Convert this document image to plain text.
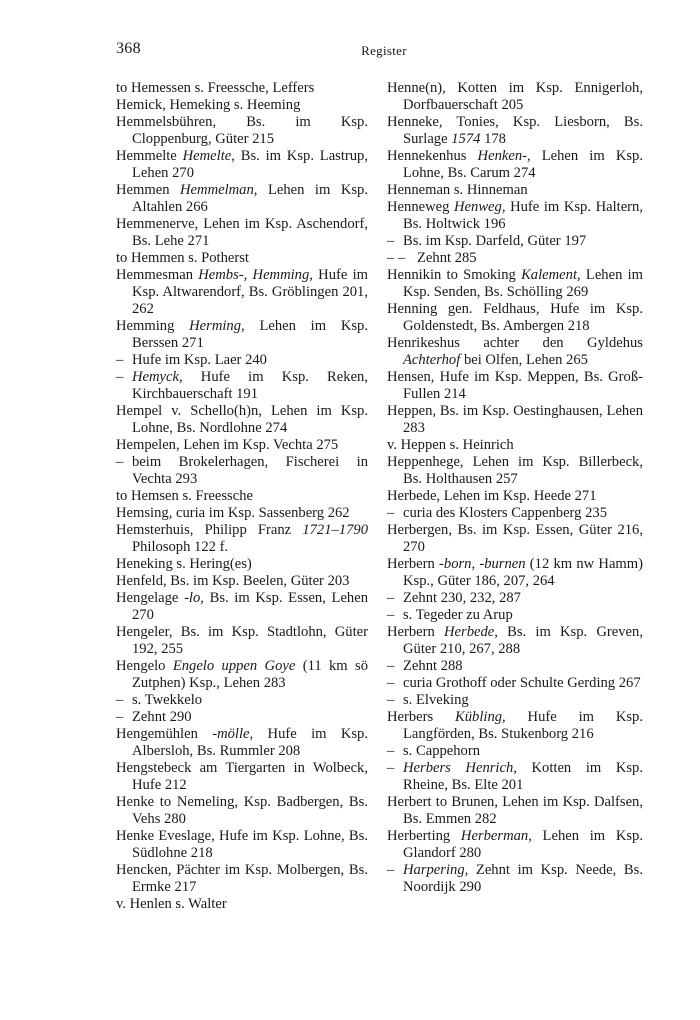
368	Register

to Hemessen s. Freessche, Leffers

Hemick, Hemeking s. Heeming

Hemmelsbühren, Bs. im Ksp. Cloppenburg, Güter 215

Hemmelte Hemelte, Bs. im Ksp. Lastrup, Lehen 270

Hemmen Hemmelman, Lehen im Ksp. Altahlen 266

Hemmenerve, Lehen im Ksp. Aschendorf, Bs. Lehe 271

to Hemmen s. Potherst

Hemmesman Hembs-, Hemming, Hufe im Ksp. Altwarendorf, Bs. Gröblingen 201, 262

Hemming Herming, Lehen im Ksp. Berssen 271

– Hufe im Ksp. Laer 240

– Hemyck, Hufe im Ksp. Reken, Kirchbauerschaft 191

Hempel v. Schello(h)n, Lehen im Ksp. Lohne, Bs. Nordlohne 274

Hempelen, Lehen im Ksp. Vechta 275

– beim Brokelerhagen, Fischerei in Vechta 293

to Hemsen s. Freessche

Hemsing, curia im Ksp. Sassenberg 262

Hemsterhuis, Philipp Franz 1721–1790 Philosoph 122 f.

Heneking s. Hering(es)

Henfeld, Bs. im Ksp. Beelen, Güter 203

Hengelage -lo, Bs. im Ksp. Essen, Lehen 270

Hengeler, Bs. im Ksp. Stadtlohn, Güter 192, 255

Hengelo Engelo uppen Goye (11 km sö Zutphen) Ksp., Lehen 283

– s. Twekkelo

– Zehnt 290

Hengemühlen -mölle, Hufe im Ksp. Albersloh, Bs. Rummler 208

Hengstebeck am Tiergarten in Wolbeck, Hufe 212

Henke to Nemeling, Ksp. Badbergen, Bs. Vehs 280

Henke Eveslage, Hufe im Ksp. Lohne, Bs. Südlohne 218

Hencken, Pächter im Ksp. Molbergen, Bs. Ermke 217

v. Henlen s. Walter

Henne(n), Kotten im Ksp. Ennigerloh, Dorfbauerschaft 205

Henneke, Tonies, Ksp. Liesborn, Bs. Surlage 1574 178

Hennekenhus Henken-, Lehen im Ksp. Lohne, Bs. Carum 274

Henneman s. Hinneman

Henneweg Henweg, Hufe im Ksp. Haltern, Bs. Holtwick 196

– Bs. im Ksp. Darfeld, Güter 197

– – Zehnt 285

Hennikin to Smoking Kalement, Lehen im Ksp. Senden, Bs. Schölling 269

Henning gen. Feldhaus, Hufe im Ksp. Goldenstedt, Bs. Ambergen 218

Henrikeshus achter den Gyldehus Achterhof bei Olfen, Lehen 265

Hensen, Hufe im Ksp. Meppen, Bs. Groß-Fullen 214

Heppen, Bs. im Ksp. Oestinghausen, Lehen 283

v. Heppen s. Heinrich

Heppenhege, Lehen im Ksp. Billerbeck, Bs. Holthausen 257

Herbede, Lehen im Ksp. Heede 271

– curia des Klosters Cappenberg 235

Herbergen, Bs. im Ksp. Essen, Güter 216, 270

Herbern -born, -burnen (12 km nw Hamm) Ksp., Güter 186, 207, 264

– Zehnt 230, 232, 287

– s. Tegeder zu Arup

Herbern Herbede, Bs. im Ksp. Greven, Güter 210, 267, 288

– Zehnt 288

– curia Grothoff oder Schulte Gerding 267

– s. Elveking

Herbers Kübling, Hufe im Ksp. Langförden, Bs. Stukenborg 216

– s. Cappehorn

– Herbers Henrich, Kotten im Ksp. Rheine, Bs. Elte 201

Herbert to Brunen, Lehen im Ksp. Dalfsen, Bs. Emmen 282

Herberting Herberman, Lehen im Ksp. Glandorf 280

– Harpering, Zehnt im Ksp. Neede, Bs. Noordijk 290
